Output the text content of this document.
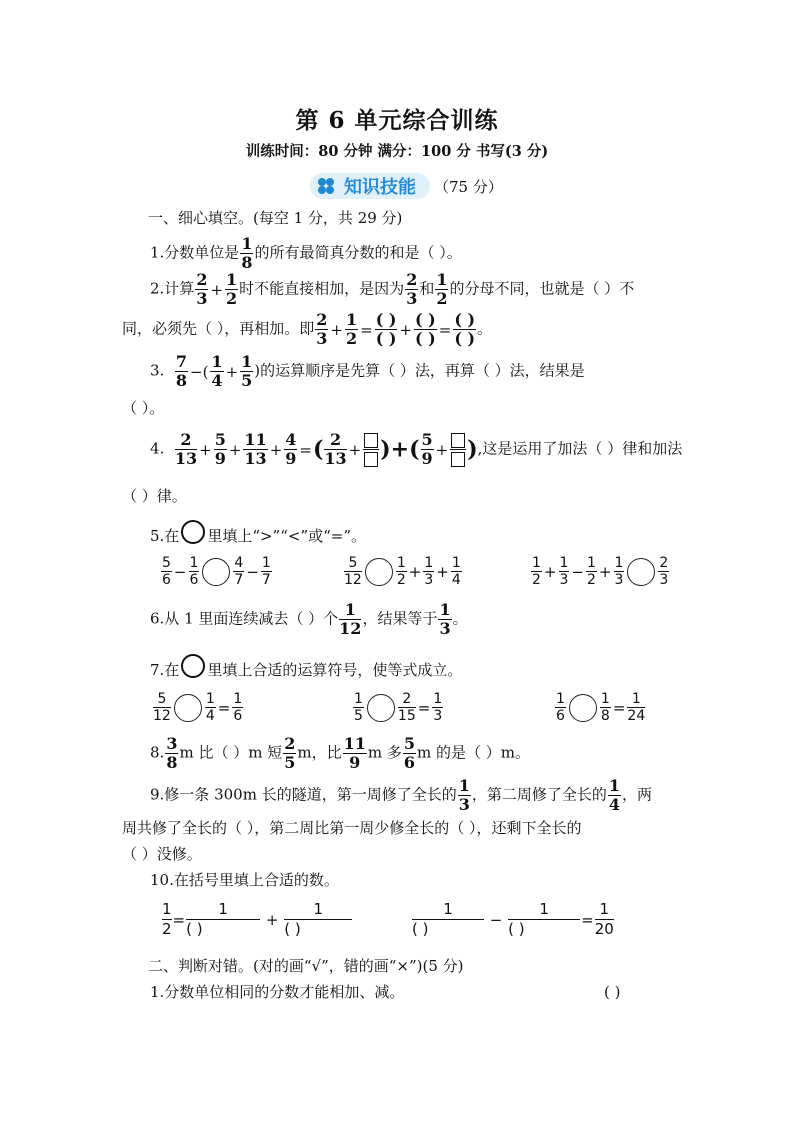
第 6 单元综合训练
训练时间：80 分钟 满分：100 分 书写(3 分)
知识技能 （75 分）
一、细心填空。(每空 1 分，共 29 分)
1.分数单位是 $\frac{1}{8}$ 的所有最简真分数的和是（ ）。
2.计算 $\frac{2}{3} + \frac{1}{2}$ 时不能直接相加，是因为 $\frac{2}{3}$ 和 $\frac{1}{2}$ 的分母不同，也就是（ ）不
同，必须先（ ），再相加。即 $\frac{2}{3} + \frac{1}{2} = \frac{( )}{( )} + \frac{( )}{( )} = \frac{( )}{( )}$ 。
3. $\frac{7}{8}$ −( $\frac{1}{4} + \frac{1}{5}$ )的运算顺序是先算（ ）法，再算（ ）法，结果是
（ ）。
4. $\frac{2}{13} + \frac{5}{9} + \frac{11}{13} + \frac{4}{9}$ =( $\frac{2}{13}$ + )+( $\frac{5}{9}$ + ),这是运用了加法（ ）律和加法
（ ）律。
5.在 里填上“>”“<”或“=”。
$\frac{5}{6} - \frac{1}{6} \frac{4}{7} - \frac{1}{7}$	$\frac{5}{12} \frac{1}{2} + \frac{1}{3} + \frac{1}{4}$	$\frac{1}{2} + \frac{1}{3} - \frac{1}{2} + \frac{1}{3} \frac{2}{3}$
6.从 1 里面连续减去（ ）个 $\frac{1}{12}$ ，结果等于 $\frac{1}{3}$ 。
7.在 里填上合适的运算符号，使等式成立。
$\frac{5}{12} \frac{1}{4} = \frac{1}{6}$	$\frac{1}{5} \frac{2}{15} = \frac{1}{3}$	$\frac{1}{6} \frac{1}{8} = \frac{1}{24}$
8. $\frac{3}{8}$ m 比（ ）m 短 $\frac{2}{5}$ m，比 $\frac{11}{9}$ m 多 $\frac{5}{6}$ m 的是（ ）m。
9.修一条 300m 长的隧道，第一周修了全长的 $\frac{1}{3}$ ，第二周修了全长的 $\frac{1}{4}$ ，两
周共修了全长的（ ），第二周比第一周少修全长的（ ），还剩下全长的
（ ）没修。
10.在括号里填上合适的数。
$\frac{1}{2}$ =
1
( )
+
1
( )
1
( )
−
1
( )
= $\frac{1}{20}$
二、判断对错。(对的画“√”，错的画“×”)(5 分)
1.分数单位相同的分数才能相加、减。	( )
